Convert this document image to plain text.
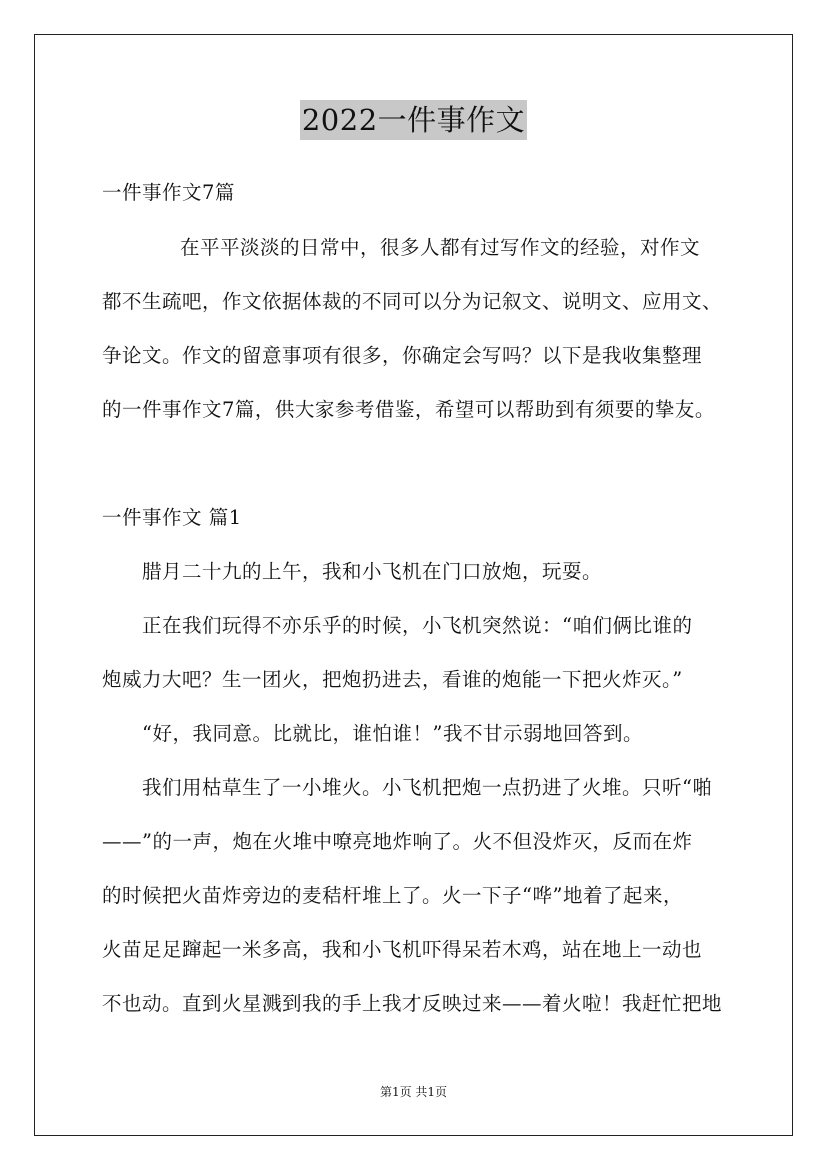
2022一件事作文
一件事作文7篇
在平平淡淡的日常中，很多人都有过写作文的经验，对作文
都不生疏吧，作文依据体裁的不同可以分为记叙文、说明文、应用文、
争论文。作文的留意事项有很多，你确定会写吗？以下是我收集整理
的一件事作文7篇，供大家参考借鉴，希望可以帮助到有须要的挚友。
一件事作文 篇1
腊月二十九的上午，我和小飞机在门口放炮，玩耍。
正在我们玩得不亦乐乎的时候，小飞机突然说：“咱们俩比谁的
炮威力大吧？生一团火，把炮扔进去，看谁的炮能一下把火炸灭。”
“好，我同意。比就比，谁怕谁！”我不甘示弱地回答到。
我们用枯草生了一小堆火。小飞机把炮一点扔进了火堆。只听“啪
——”的一声，炮在火堆中嘹亮地炸响了。火不但没炸灭，反而在炸
的时候把火苗炸旁边的麦秸杆堆上了。火一下子“哗”地着了起来，
火苗足足蹿起一米多高，我和小飞机吓得呆若木鸡，站在地上一动也
不也动。直到火星溅到我的手上我才反映过来——着火啦！我赶忙把地
第1页 共1页
